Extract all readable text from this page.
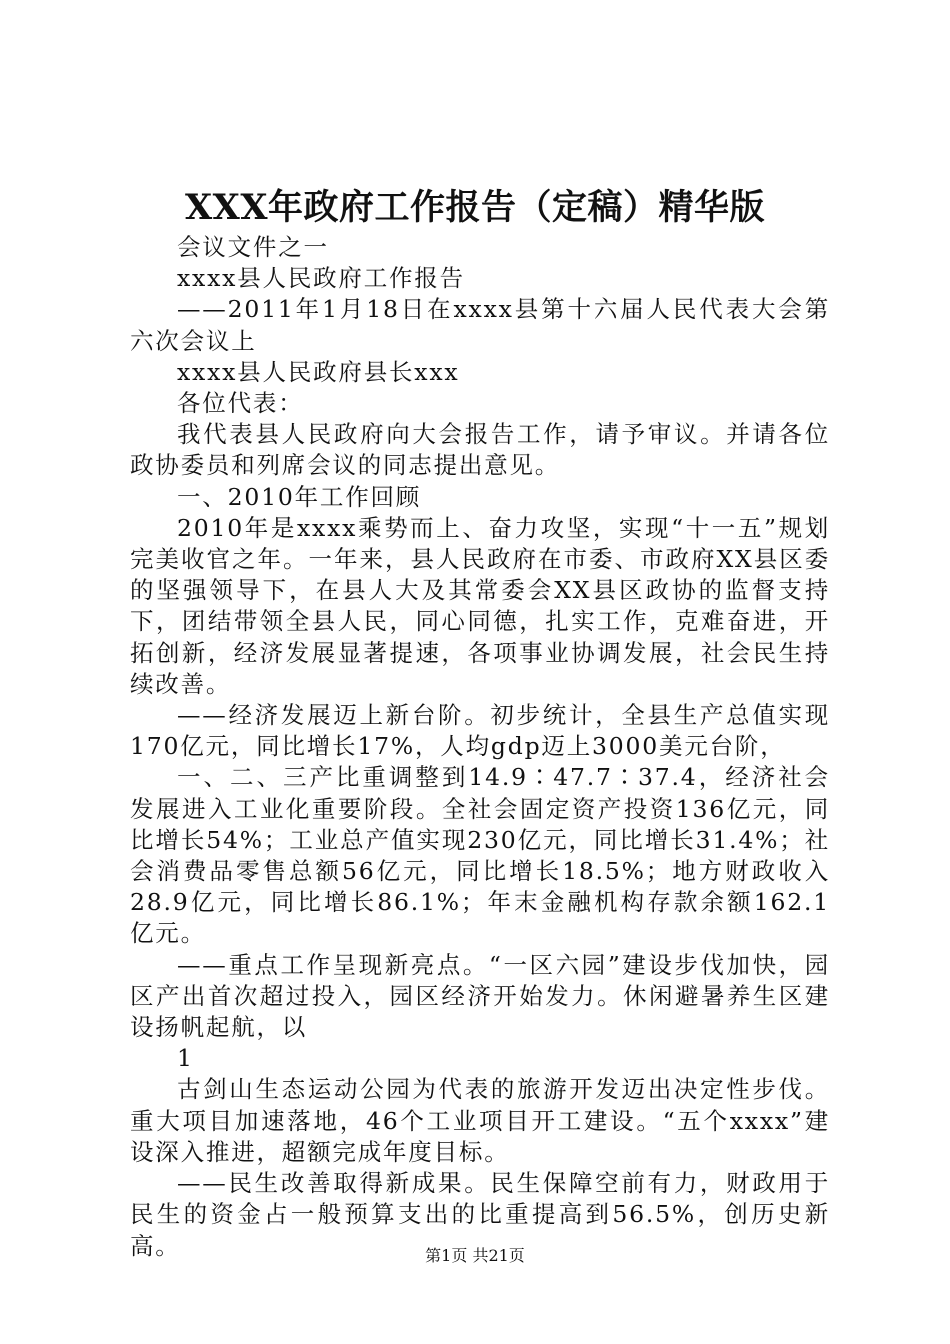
XXX年政府工作报告（定稿）精华版

会议文件之一

xxxx县人民政府工作报告

——2011年1月18日在xxxx县第十六届人民代表大会第六次会议上

xxxx县人民政府县长xxx

各位代表：

我代表县人民政府向大会报告工作，请予审议。并请各位政协委员和列席会议的同志提出意见。

一、2010年工作回顾

2010年是xxxx乘势而上、奋力攻坚，实现“十一五”规划完美收官之年。一年来，县人民政府在市委、市政府XX县区委的坚强领导下，在县人大及其常委会XX县区政协的监督支持下，团结带领全县人民，同心同德，扎实工作，克难奋进，开拓创新，经济发展显著提速，各项事业协调发展，社会民生持续改善。

——经济发展迈上新台阶。初步统计，全县生产总值实现170亿元，同比增长17%，人均gdp迈上3000美元台阶，

一、二、三产比重调整到14.9∶47.7∶37.4，经济社会发展进入工业化重要阶段。全社会固定资产投资136亿元，同比增长54%；工业总产值实现230亿元，同比增长31.4%；社会消费品零售总额56亿元，同比增长18.5%；地方财政收入28.9亿元，同比增长86.1%；年末金融机构存款余额162.1亿元。

——重点工作呈现新亮点。“一区六园”建设步伐加快，园区产出首次超过投入，园区经济开始发力。休闲避暑养生区建设扬帆起航，以

1

古剑山生态运动公园为代表的旅游开发迈出决定性步伐。重大项目加速落地，46个工业项目开工建设。“五个xxxx”建设深入推进，超额完成年度目标。

——民生改善取得新成果。民生保障空前有力，财政用于民生的资金占一般预算支出的比重提高到56.5%，创历史新高。	第1页 共21页
